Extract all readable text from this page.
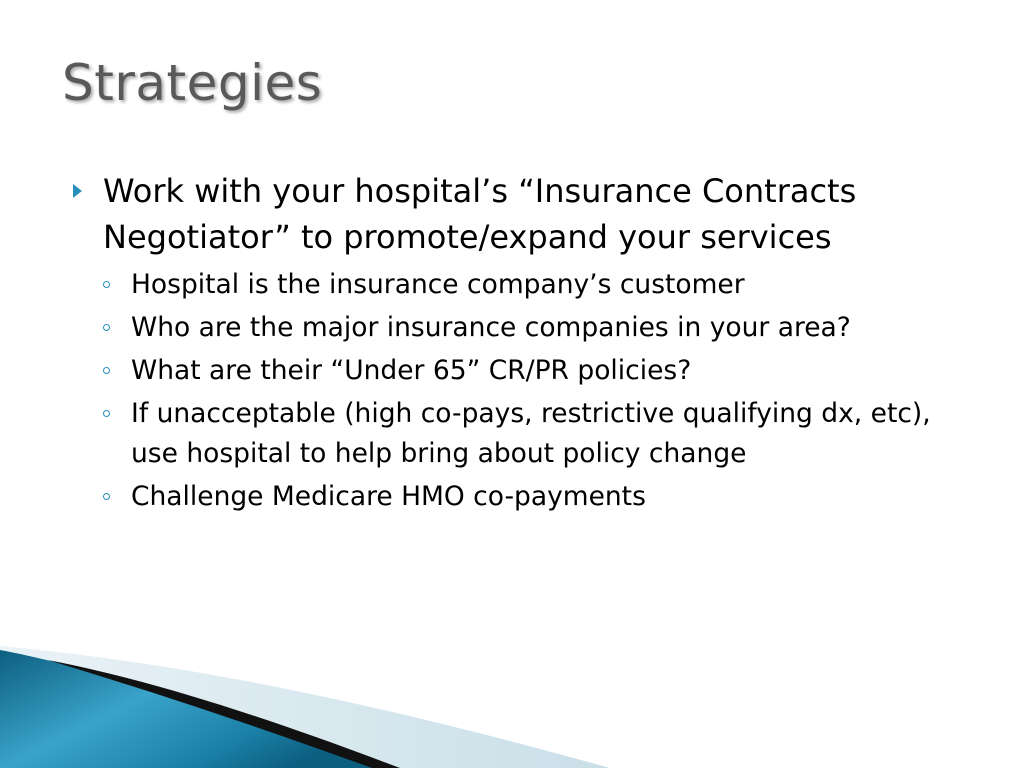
Strategies
Work with your hospital’s “Insurance Contracts Negotiator” to promote/expand your services
Hospital is the insurance company’s customer
Who are the major insurance companies in your area?
What are their “Under 65” CR/PR policies?
If unacceptable (high co-pays, restrictive qualifying dx, etc), use hospital to help bring about policy change
Challenge Medicare HMO co-payments
